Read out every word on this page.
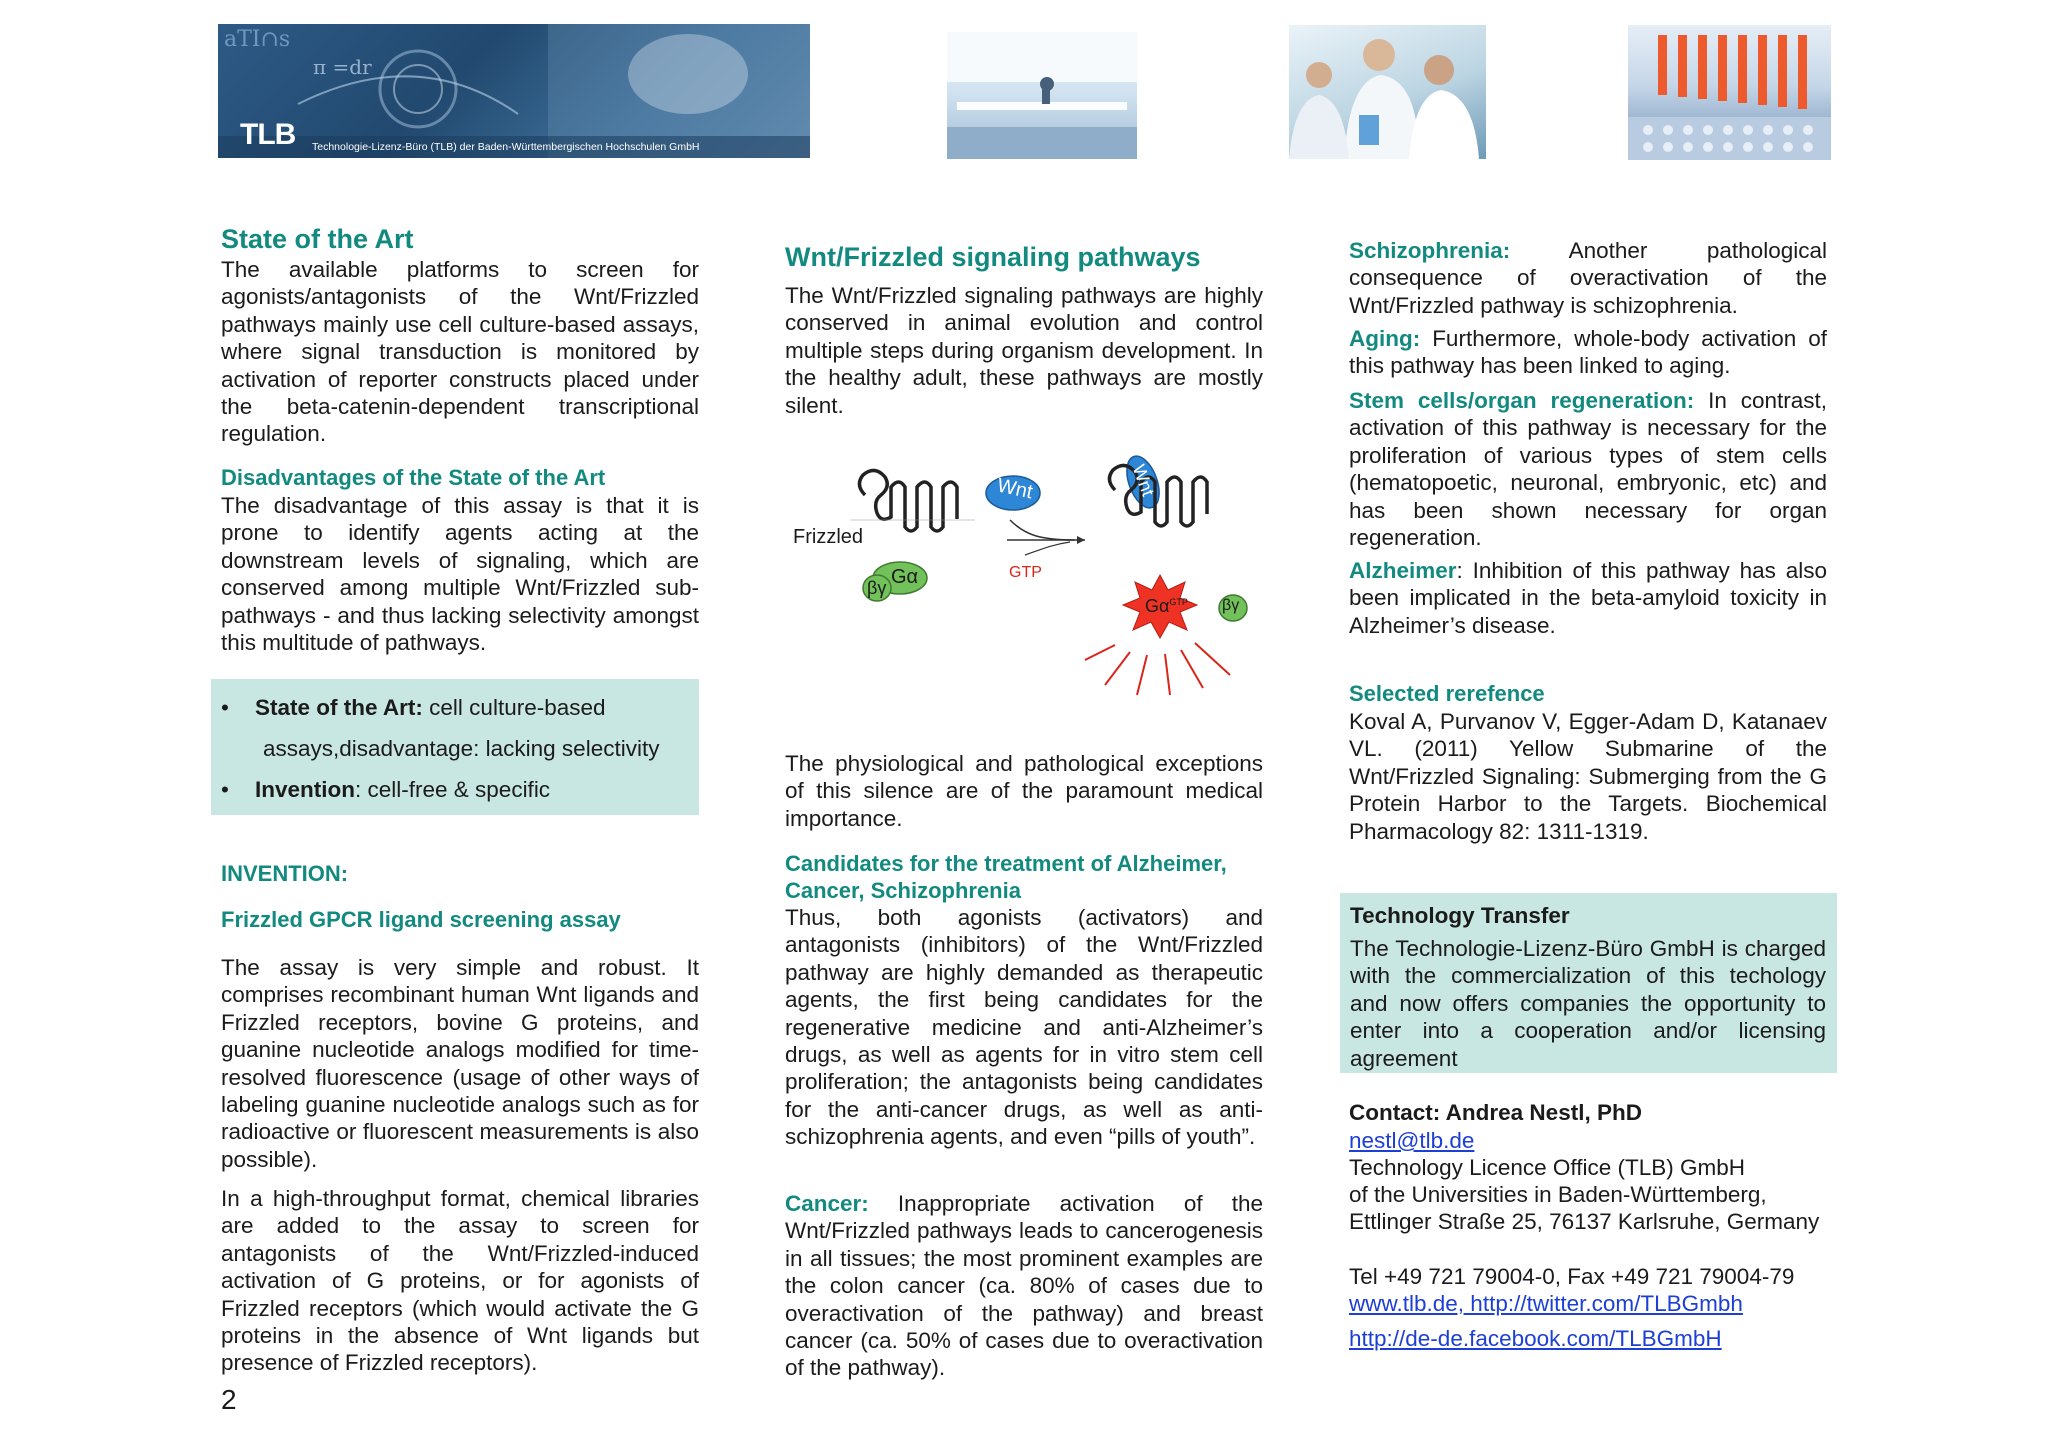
aTI∩s
π =dr
TLB Technologie-Lizenz-Büro (TLB) der Baden-Württembergischen Hochschulen GmbH
State of the Art
The available platforms to screen for agonists/antagonists of the Wnt/Frizzled pathways mainly use cell culture-based assays, where signal transduction is monitored by activation of reporter constructs placed under the beta-catenin-dependent transcriptional regulation.
Disadvantages of the State of the Art
The disadvantage of this assay is that it is prone to identify agents acting at the downstream levels of signaling, which are conserved among multiple Wnt/Frizzled sub-pathways - and thus lacking selectivity amongst this multitude of pathways.
• State of the Art: cell culture-based
assays,disadvantage: lacking selectivity
• Invention: cell-free & specific
INVENTION:
Frizzled GPCR ligand screening assay
The assay is very simple and robust. It comprises recombinant human Wnt ligands and Frizzled receptors, bovine G proteins, and guanine nucleotide analogs modified for time-resolved fluorescence (usage of other ways of labeling guanine nucleotide analogs such as for radioactive or fluorescent measurements is also possible).
In a high-throughput format, chemical libraries are added to the assay to screen for antagonists of the Wnt/Frizzled-induced activation of G proteins, or for agonists of Frizzled receptors (which would activate the G proteins in the absence of Wnt ligands but presence of Frizzled receptors).
2
Wnt/Frizzled signaling pathways
The Wnt/Frizzled signaling pathways are highly conserved in animal evolution and control multiple steps during organism development. In the healthy adult, these pathways are mostly silent.
Frizzled
Wnt	Wnt
Gα
βγ
GTP
$G\alpha^{GTP}$ βγ
The physiological and pathological exceptions of this silence are of the paramount medical importance.
Candidates for the treatment of Alzheimer, Cancer, Schizophrenia
Thus, both agonists (activators) and antagonists (inhibitors) of the Wnt/Frizzled pathway are highly demanded as therapeutic agents, the first being candidates for the regenerative medicine and anti-Alzheimer’s drugs, as well as agents for in vitro stem cell proliferation; the antagonists being candidates for the anti-cancer drugs, as well as anti-schizophrenia agents, and even “pills of youth”.
Cancer: Inappropriate activation of the Wnt/Frizzled pathways leads to cancerogenesis in all tissues; the most prominent examples are the colon cancer (ca. 80% of cases due to overactivation of the pathway) and breast cancer (ca. 50% of cases due to overactivation of the pathway).
Schizophrenia: Another pathological consequence of overactivation of the Wnt/Frizzled pathway is schizophrenia.
Aging: Furthermore, whole-body activation of this pathway has been linked to aging.
Stem cells/organ regeneration: In contrast, activation of this pathway is necessary for the proliferation of various types of stem cells (hematopoetic, neuronal, embryonic, etc) and has been shown necessary for organ regeneration.
Alzheimer: Inhibition of this pathway has also been implicated in the beta-amyloid toxicity in Alzheimer’s disease.
Selected rerefence
Koval A, Purvanov V, Egger-Adam D, Katanaev VL. (2011) Yellow Submarine of the Wnt/Frizzled Signaling: Submerging from the G Protein Harbor to the Targets. Biochemical Pharmacology 82: 1311-1319.
Technology Transfer
The Technologie-Lizenz-Büro GmbH is charged with the commercialization of this techology and now offers companies the opportunity to enter into a cooperation and/or licensing agreement
Contact: Andrea Nestl, PhD
nestl@tlb.de
Technology Licence Office (TLB) GmbH
of the Universities in Baden-Württemberg,
Ettlinger Straße 25, 76137 Karlsruhe, Germany
Tel +49 721 79004-0, Fax +49 721 79004-79
www.tlb.de, http://twitter.com/TLBGmbh
http://de-de.facebook.com/TLBGmbH
